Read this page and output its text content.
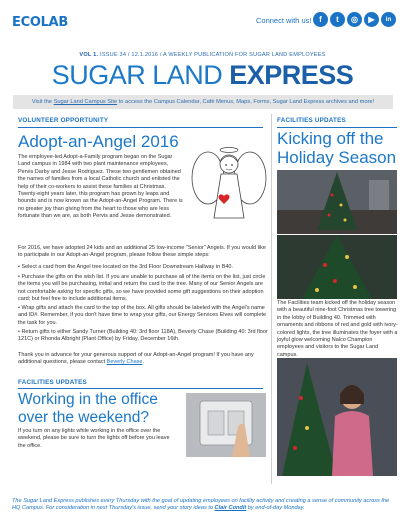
ECOLAB	Connect with us! f	t	◎	▶	in
VOL 1. ISSUE 34 / 12.1.2016 / A WEEKLY PUBLICATION FOR SUGAR LAND EMPLOYEES
SUGAR LAND EXPRESS
Visit the Sugar Land Campus Site to access the Campus Calendar, Café Menus, Maps, Forms, Sugar Land Express archives and more!
VOLUNTEER OPPORTUNITY
Adopt-an-Angel 2016
The employee-led Adopt-a-Family program began on the Sugar Land campus in 1984 with two plant maintenance employees, Pervis Darby and Jesse Rodriguez. These two gentlemen obtained the names of families from a local Catholic church and enlisted the help of their co-workers to assist these families at Christmas. Twenty-eight years later, this program has grown by leaps and bounds and is now known as the Adopt-an-Angel Program. There is no greater joy than giving from the heart to those who are less fortunate than we are, as both Pervis and Jesse demonstrated.
For 2016, we have adopted 24 kids and an additional 25 low-income "Senior" Angels. If you would like to participate in our Adopt-an-Angel program, please follow these simple steps:
• Select a card from the Angel tree located on the 3rd Floor Downstream Hallway in B40.
• Purchase the gifts on the wish list. If you are unable to purchase all of the items on the list, just circle the items you will be purchasing, initial and return the card to the tree. Many of our Senior Angels are not comfortable asking for specific gifts, so we have provided some gift suggestions on their adoption card; but feel free to include additional items.
• Wrap gifts and attach the card to the top of the box. All gifts should be labeled with the Angel's name and ID#. Remember, if you don't have time to wrap your gifts, our Energy Services Elves will complete the task for you.
• Return gifts to either Sandy Turner (Building 40: 3rd floor 118A), Beverly Chase (Building 40: 3rd floor 121C) or Rhonda Albright (Plant Office) by Friday, December 16th.
Thank you in advance for your generous support of our Adopt-an-Angel program! If you have any additional questions, please contact Beverly Chase.
FACILITIES UPDATES
Working in the office over the weekend?
If you turn on any lights while working in the office over the weekend, please be sure to turn the lights off before you leave the office.
FACILITIES UPDATES
Kicking off the Holiday Season
The Facilities team kicked off the holiday season with a beautiful nine-foot Christmas tree towering in the lobby of Building 40. Trimmed with ornaments and ribbons of red and gold with ivory-colored lights, the tree illuminates the foyer with a joyful glow welcoming Nalco Champion employees and visitors to the Sugar Land campus.
The Sugar Land Express publishes every Thursday with the goal of updating employees on facility activity and creating a sense of community across the HQ Campus. For consideration in next Thursday's issue, send your story ideas to Clair Condit by end-of-day Monday.
